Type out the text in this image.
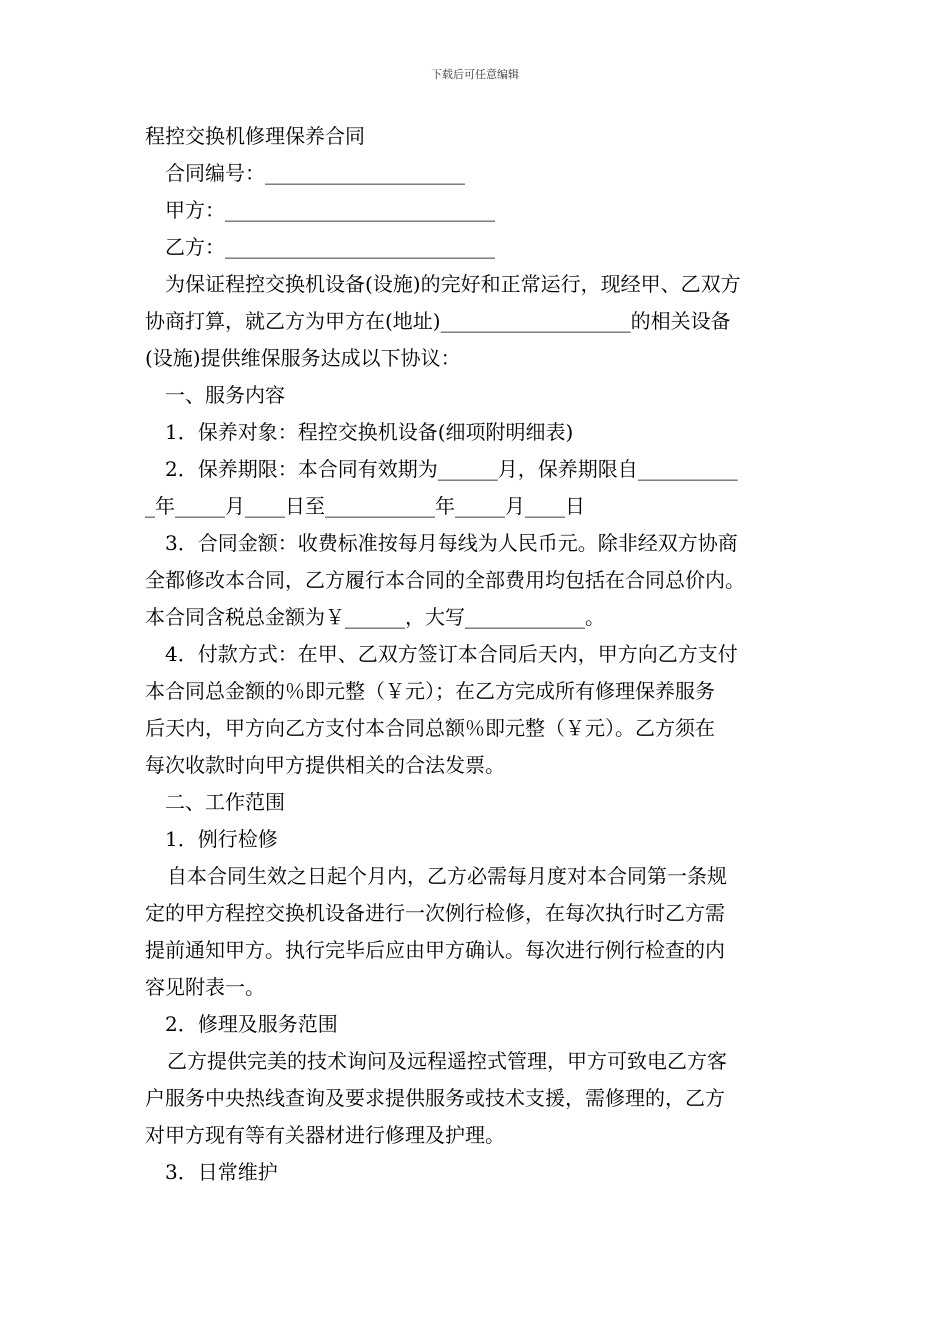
下载后可任意编辑
程控交换机修理保养合同
合同编号：____________________
甲方：___________________________
乙方：___________________________
为保证程控交换机设备(设施)的完好和正常运行，现经甲、乙双方
协商打算，就乙方为甲方在(地址)___________________的相关设备
(设施)提供维保服务达成以下协议：
一、服务内容
1．保养对象：程控交换机设备(细项附明细表)
2．保养期限：本合同有效期为______月，保养期限自__________
_年_____月____日至___________年_____月____日
3．合同金额：收费标准按每月每线为人民币元。除非经双方协商
全都修改本合同，乙方履行本合同的全部费用均包括在合同总价内。
本合同含税总金额为￥______，大写____________。
4．付款方式：在甲、乙双方签订本合同后天内，甲方向乙方支付
本合同总金额的％即元整（￥元）；在乙方完成所有修理保养服务
后天内，甲方向乙方支付本合同总额％即元整（￥元）。乙方须在
每次收款时向甲方提供相关的合法发票。
二、工作范围
1．例行检修
自本合同生效之日起个月内，乙方必需每月度对本合同第一条规
定的甲方程控交换机设备进行一次例行检修，在每次执行时乙方需
提前通知甲方。执行完毕后应由甲方确认。每次进行例行检查的内
容见附表一。
2．修理及服务范围
乙方提供完美的技术询问及远程遥控式管理，甲方可致电乙方客
户服务中央热线查询及要求提供服务或技术支援，需修理的，乙方
对甲方现有等有关器材进行修理及护理。
3．日常维护
